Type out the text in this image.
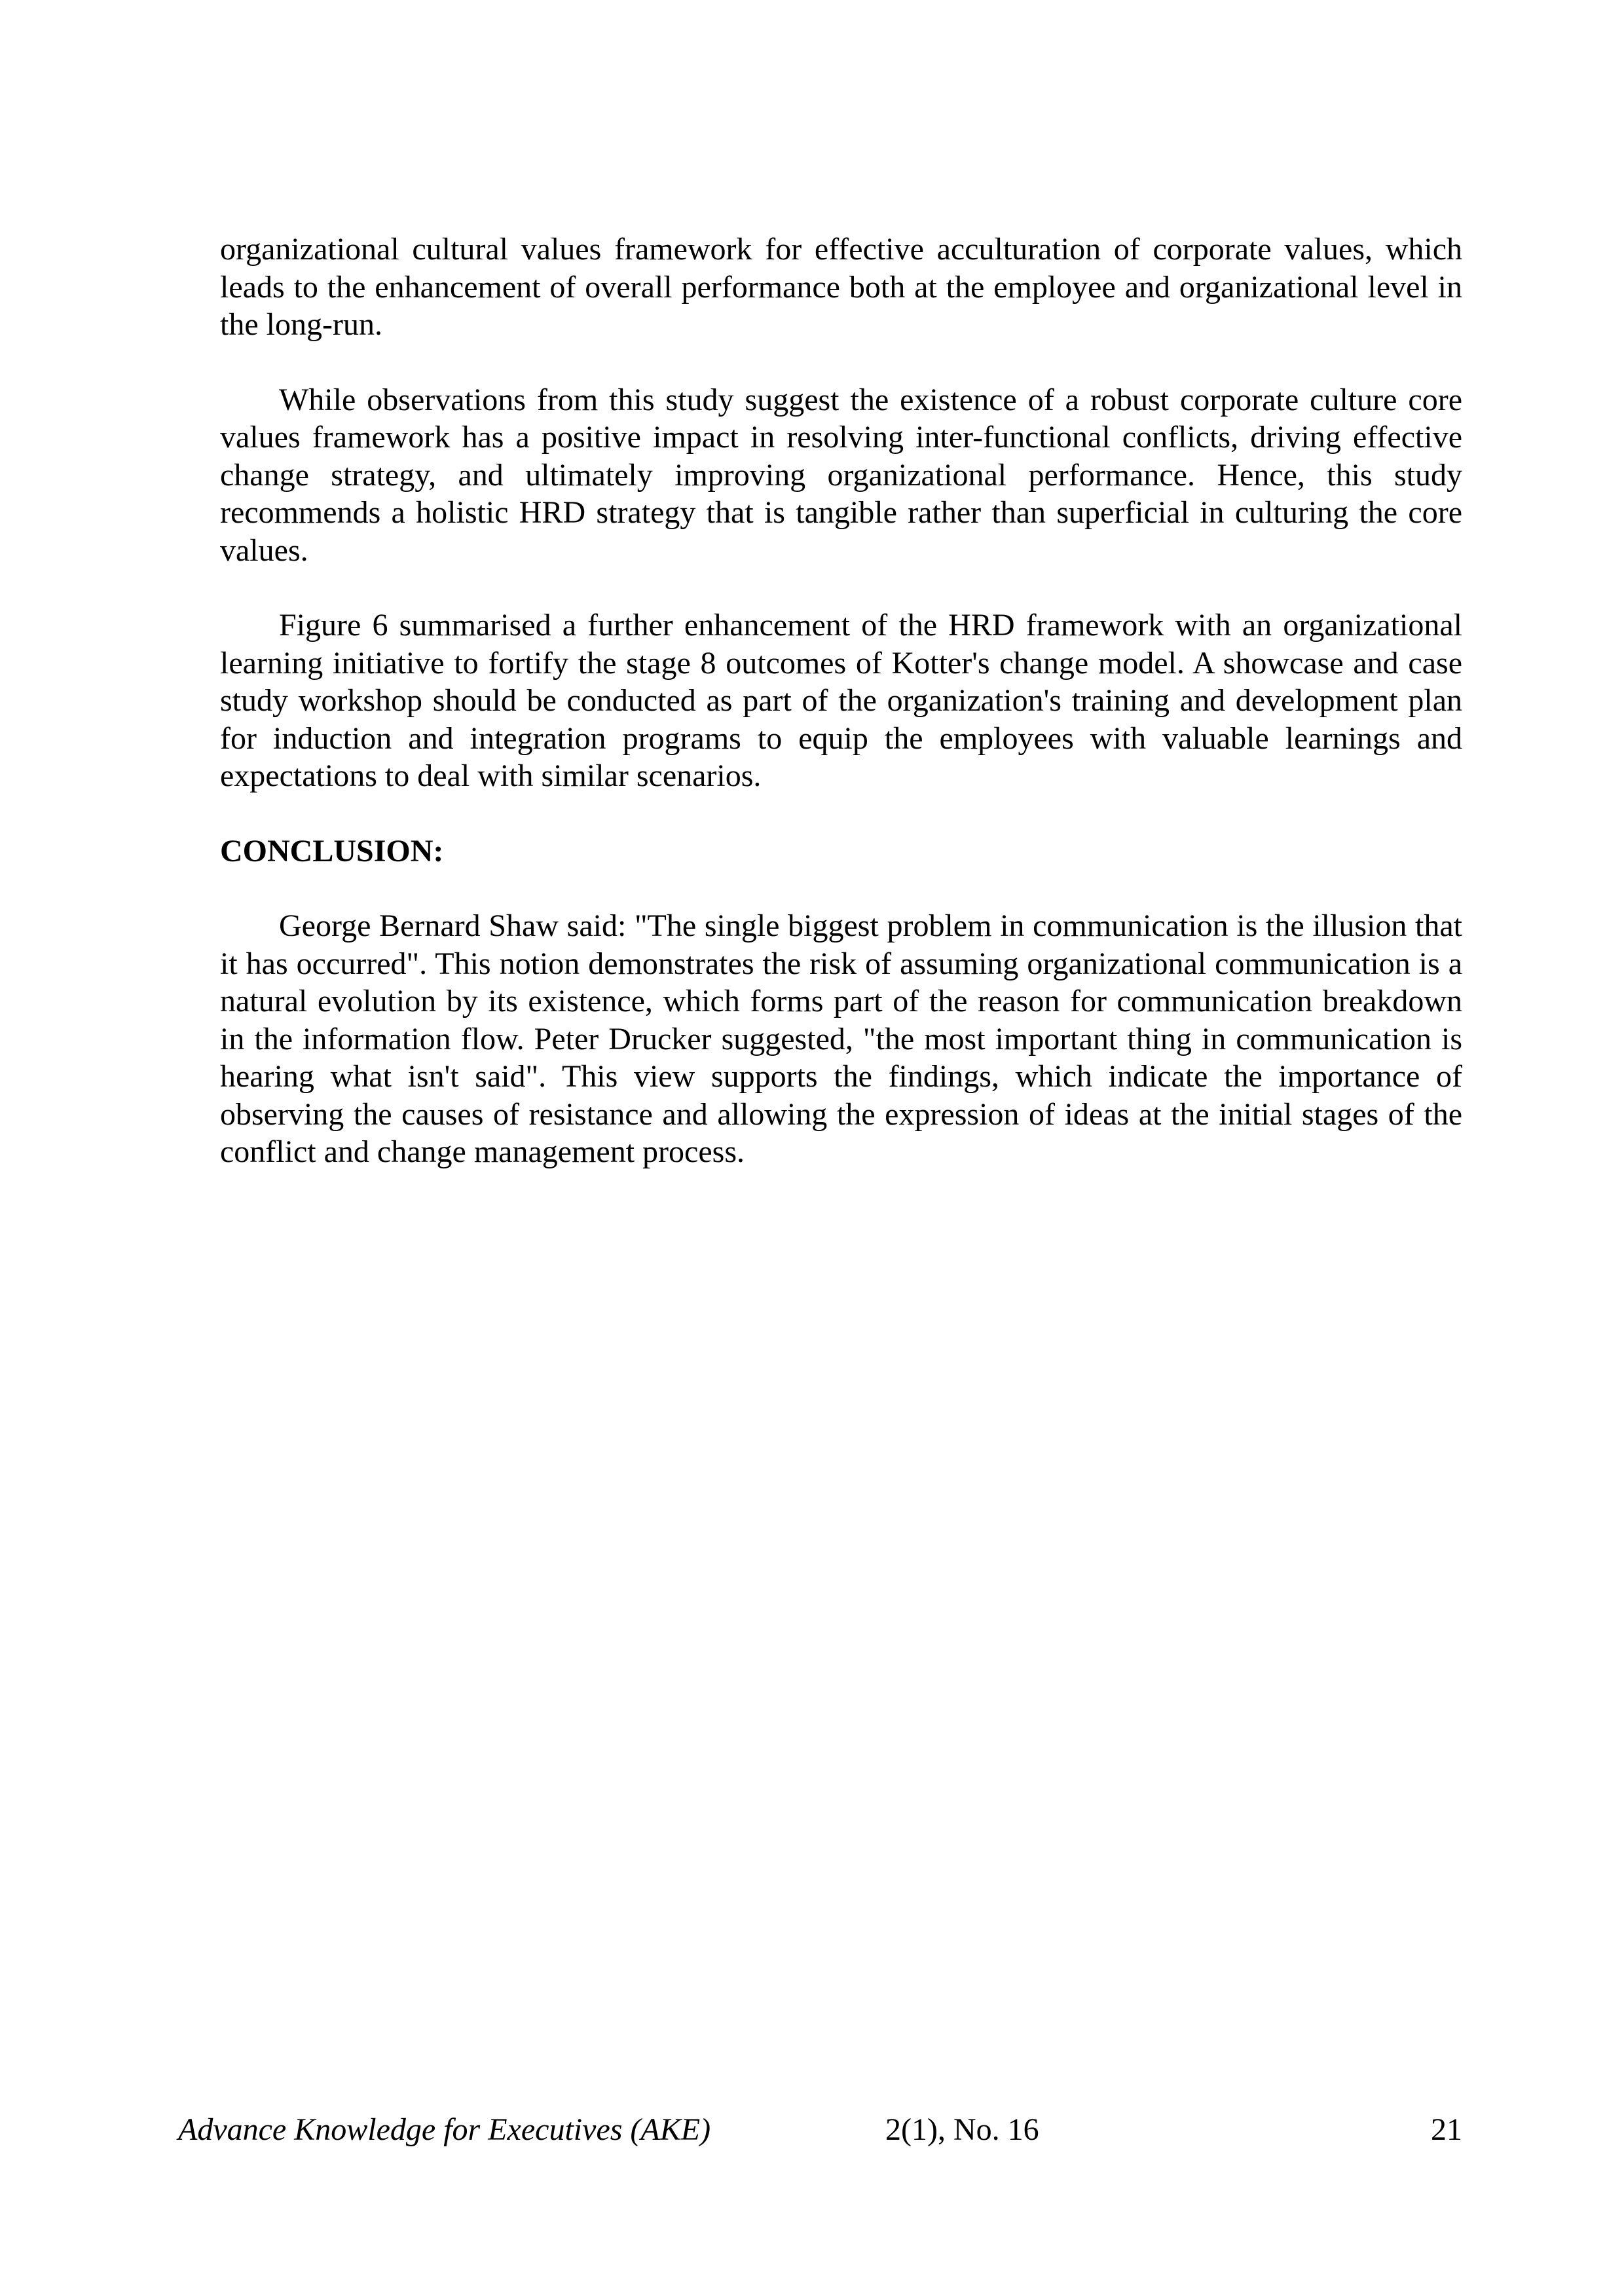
organizational cultural values framework for effective acculturation of corporate values, which leads to the enhancement of overall performance both at the employee and organizational level in the long-run.

While observations from this study suggest the existence of a robust corporate culture core values framework has a positive impact in resolving inter-functional conflicts, driving effective change strategy, and ultimately improving organizational performance. Hence, this study recommends a holistic HRD strategy that is tangible rather than superficial in culturing the core values.

Figure 6 summarised a further enhancement of the HRD framework with an organizational learning initiative to fortify the stage 8 outcomes of Kotter's change model. A showcase and case study workshop should be conducted as part of the organization's training and development plan for induction and integration programs to equip the employees with valuable learnings and expectations to deal with similar scenarios.

CONCLUSION:

George Bernard Shaw said: "The single biggest problem in communication is the illusion that it has occurred". This notion demonstrates the risk of assuming organizational communication is a natural evolution by its existence, which forms part of the reason for communication breakdown in the information flow. Peter Drucker suggested, "the most important thing in communication is hearing what isn't said". This view supports the findings, which indicate the importance of observing the causes of resistance and allowing the expression of ideas at the initial stages of the conflict and change management process.

Advance Knowledge for Executives (AKE)	2(1), No. 16	21
